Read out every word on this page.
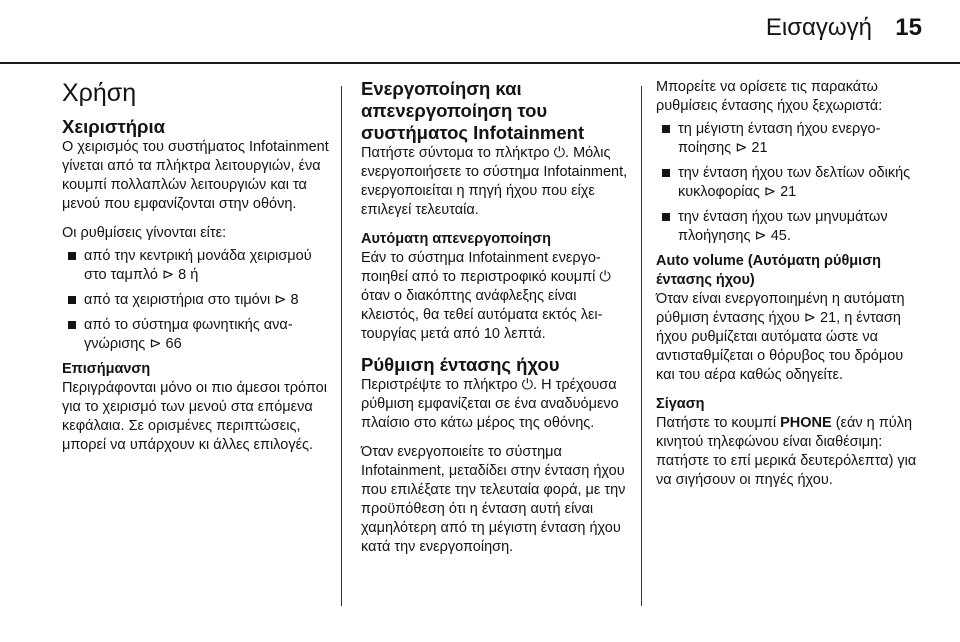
Εισαγωγή 15
Χρήση
Χειριστήρια

Ο χειρισμός του συστήματος Infotainment γίνεται από τα πλήκτρα λειτουργιών, ένα κουμπί πολλαπλών λειτουργιών και τα μενού που εμφανίζονται στην οθόνη.

Οι ρυθμίσεις γίνονται είτε:

από την κεντρική μονάδα χειρισμού στο ταμπλό ⊳ 8 ή
από τα χειριστήρια στο τιμόνι ⊳ 8
από το σύστημα φωνητικής αναγνώρισης ⊳ 66
Επισήμανση

Περιγράφονται μόνο οι πιο άμεσοι τρόποι για το χειρισμό των μενού στα επόμενα κεφάλαια. Σε ορισμένες περιπτώσεις, μπορεί να υπάρχουν κι άλλες επιλογές.

Ενεργοποίηση και απενεργοποίηση του συστήματος Infotainment

Πατήστε σύντομα το πλήκτρο ⏻. Μόλις ενεργοποιήσετε το σύστημα Infotainment, ενεργοποιείται η πηγή ήχου που είχε επιλεγεί τελευταία.

Αυτόματη απενεργοποίηση

Εάν το σύστημα Infotainment ενεργοποιηθεί από το περιστροφικό κουμπί ⏻ όταν ο διακόπτης ανάφλεξης είναι κλειστός, θα τεθεί αυτόματα εκτός λειτουργίας μετά από 10 λεπτά.

Ρύθμιση έντασης ήχου

Περιστρέψτε το πλήκτρο ⏻. Η τρέχουσα ρύθμιση εμφανίζεται σε ένα αναδυόμενο πλαίσιο στο κάτω μέρος της οθόνης.

Όταν ενεργοποιείτε το σύστημα Infotainment, μεταδίδει στην ένταση ήχου που επιλέξατε την τελευταία φορά, με την προϋπόθεση ότι η ένταση αυτή είναι χαμηλότερη από τη μέγιστη ένταση ήχου κατά την ενεργοποίηση.

Μπορείτε να ορίσετε τις παρακάτω ρυθμίσεις έντασης ήχου ξεχωριστά:

τη μέγιστη ένταση ήχου ενεργοποίησης ⊳ 21
την ένταση ήχου των δελτίων οδικής κυκλοφορίας ⊳ 21
την ένταση ήχου των μηνυμάτων πλοήγησης ⊳ 45.
Auto volume (Αυτόματη ρύθμιση έντασης ήχου)

Όταν είναι ενεργοποιημένη η αυτόματη ρύθμιση έντασης ήχου ⊳ 21, η ένταση ήχου ρυθμίζεται αυτόματα ώστε να αντισταθμίζεται ο θόρυβος του δρόμου και του αέρα καθώς οδηγείτε.

Σίγαση

Πατήστε το κουμπί PHONE (εάν η πύλη κινητού τηλεφώνου είναι διαθέσιμη: πατήστε το επί μερικά δευτερόλεπτα) για να σιγήσουν οι πηγές ήχου.
